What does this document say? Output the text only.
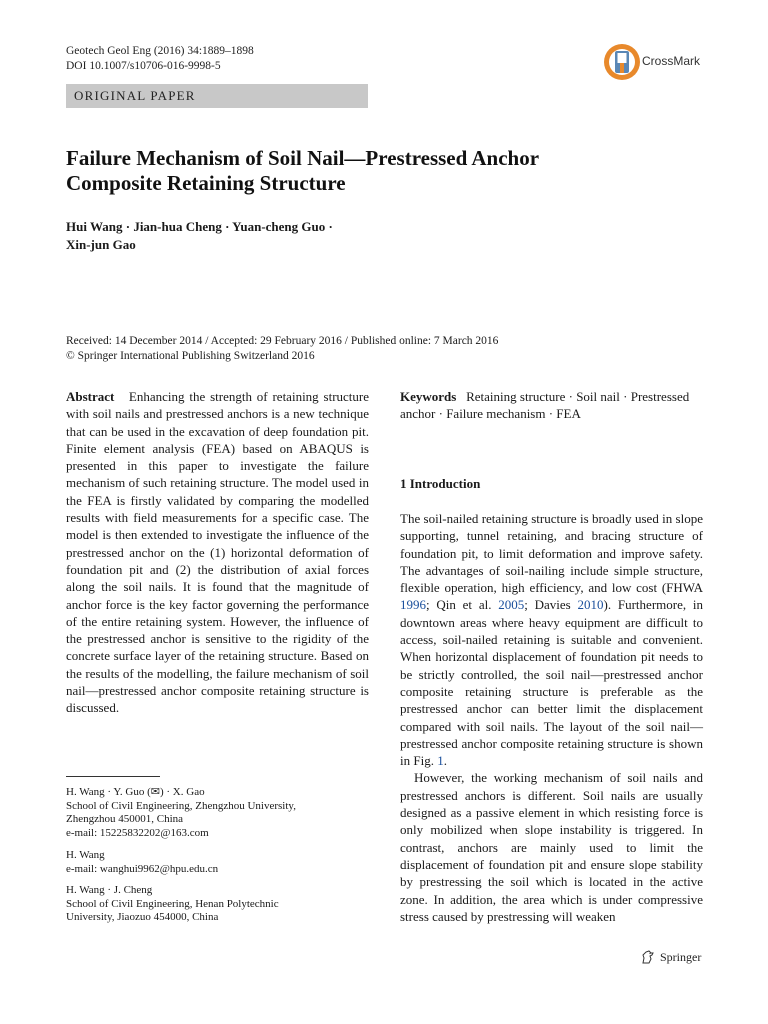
Geotech Geol Eng (2016) 34:1889–1898
DOI 10.1007/s10706-016-9998-5
ORIGINAL PAPER
CrossMark
Failure Mechanism of Soil Nail—Prestressed Anchor Composite Retaining Structure
Hui Wang · Jian-hua Cheng · Yuan-cheng Guo ·
Xin-jun Gao
Received: 14 December 2014 / Accepted: 29 February 2016 / Published online: 7 March 2016
© Springer International Publishing Switzerland 2016
Abstract Enhancing the strength of retaining structure with soil nails and prestressed anchors is a new technique that can be used in the excavation of deep foundation pit. Finite element analysis (FEA) based on ABAQUS is presented in this paper to investigate the failure mechanism of such retaining structure. The model used in the FEA is firstly validated by comparing the modelled results with field measurements for a specific case. The model is then extended to investigate the influence of the prestressed anchor on the (1) horizontal deformation of foundation pit and (2) the distribution of axial forces along the soil nails. It is found that the magnitude of anchor force is the key factor governing the performance of the entire retaining system. However, the influence of the prestressed anchor is sensitive to the rigidity of the concrete surface layer of the retaining structure. Based on the results of the modelling, the failure mechanism of soil nail—prestressed anchor composite retaining structure is discussed.
Keywords Retaining structure · Soil nail · Prestressed anchor · Failure mechanism · FEA
1 Introduction

The soil-nailed retaining structure is broadly used in slope supporting, tunnel retaining, and bracing structure of foundation pit, to limit deformation and improve safety. The advantages of soil-nailing include simple structure, flexible operation, high efficiency, and low cost (FHWA 1996; Qin et al. 2005; Davies 2010). Furthermore, in downtown areas where heavy equipment are difficult to access, soil-nailed retaining is suitable and convenient. When horizontal displacement of foundation pit needs to be strictly controlled, the soil nail—prestressed anchor composite retaining structure is preferable as the prestressed anchor can better limit the displacement compared with soil nails. The layout of the soil nail—prestressed anchor composite retaining structure is shown in Fig. 1.

However, the working mechanism of soil nails and prestressed anchors is different. Soil nails are usually designed as a passive element in which resisting force is only mobilized when slope instability is triggered. In contrast, anchors are mainly used to limit the displacement of foundation pit and ensure slope stability by prestressing the soil which is located in the active zone. In addition, the area which is under compressive stress caused by prestressing will weaken

H. Wang · Y. Guo (✉) · X. Gao
School of Civil Engineering, Zhengzhou University,
Zhengzhou 450001, China
e-mail: 15225832202@163.com
H. Wang
e-mail: wanghui9962@hpu.edu.cn
H. Wang · J. Cheng
School of Civil Engineering, Henan Polytechnic
University, Jiaozuo 454000, China
Springer
